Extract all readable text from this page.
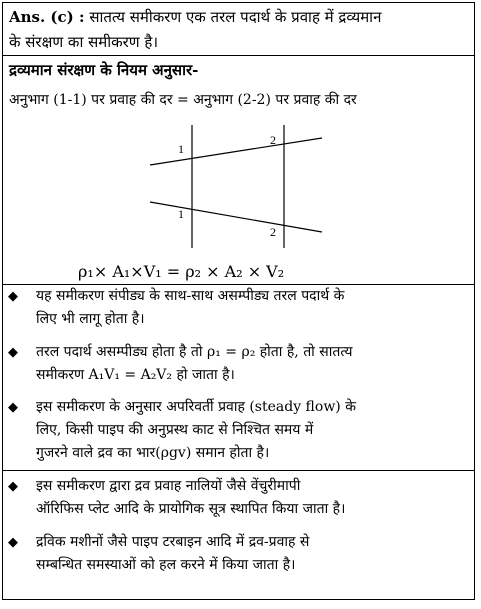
Ans. (c) : सातत्य समीकरण एक तरल पदार्थ के प्रवाह में द्रव्यमान
के संरक्षण का समीकरण है।
द्रव्यमान संरक्षण के नियम अनुसार-
अनुभाग (1-1) पर प्रवाह की दर = अनुभाग (2-2) पर प्रवाह की दर
1
2
1
2
ρ₁× A₁×V₁ = ρ₂ × A₂ × V₂
◆ यह समीकरण संपीड्य के साथ-साथ असम्पीड्य तरल पदार्थ के
लिए भी लागू होता है।
◆ तरल पदार्थ असम्पीड्य होता है तो ρ₁ = ρ₂ होता है, तो सातत्य
समीकरण A₁V₁ = A₂V₂ हो जाता है।
◆ इस समीकरण के अनुसार अपरिवर्ती प्रवाह (steady flow) के
लिए, किसी पाइप की अनुप्रस्थ काट से निश्चित समय में
गुजरने वाले द्रव का भार(ρgv) समान होता है।
◆ इस समीकरण द्वारा द्रव प्रवाह नालियों जैसे वेंचुरीमापी
ऑरिफिस प्लेट आदि के प्रायोगिक सूत्र स्थापित किया जाता है।
◆ द्रविक मशीनों जैसे पाइप टरबाइन आदि में द्रव-प्रवाह से
सम्बन्धित समस्याओं को हल करने में किया जाता है।
